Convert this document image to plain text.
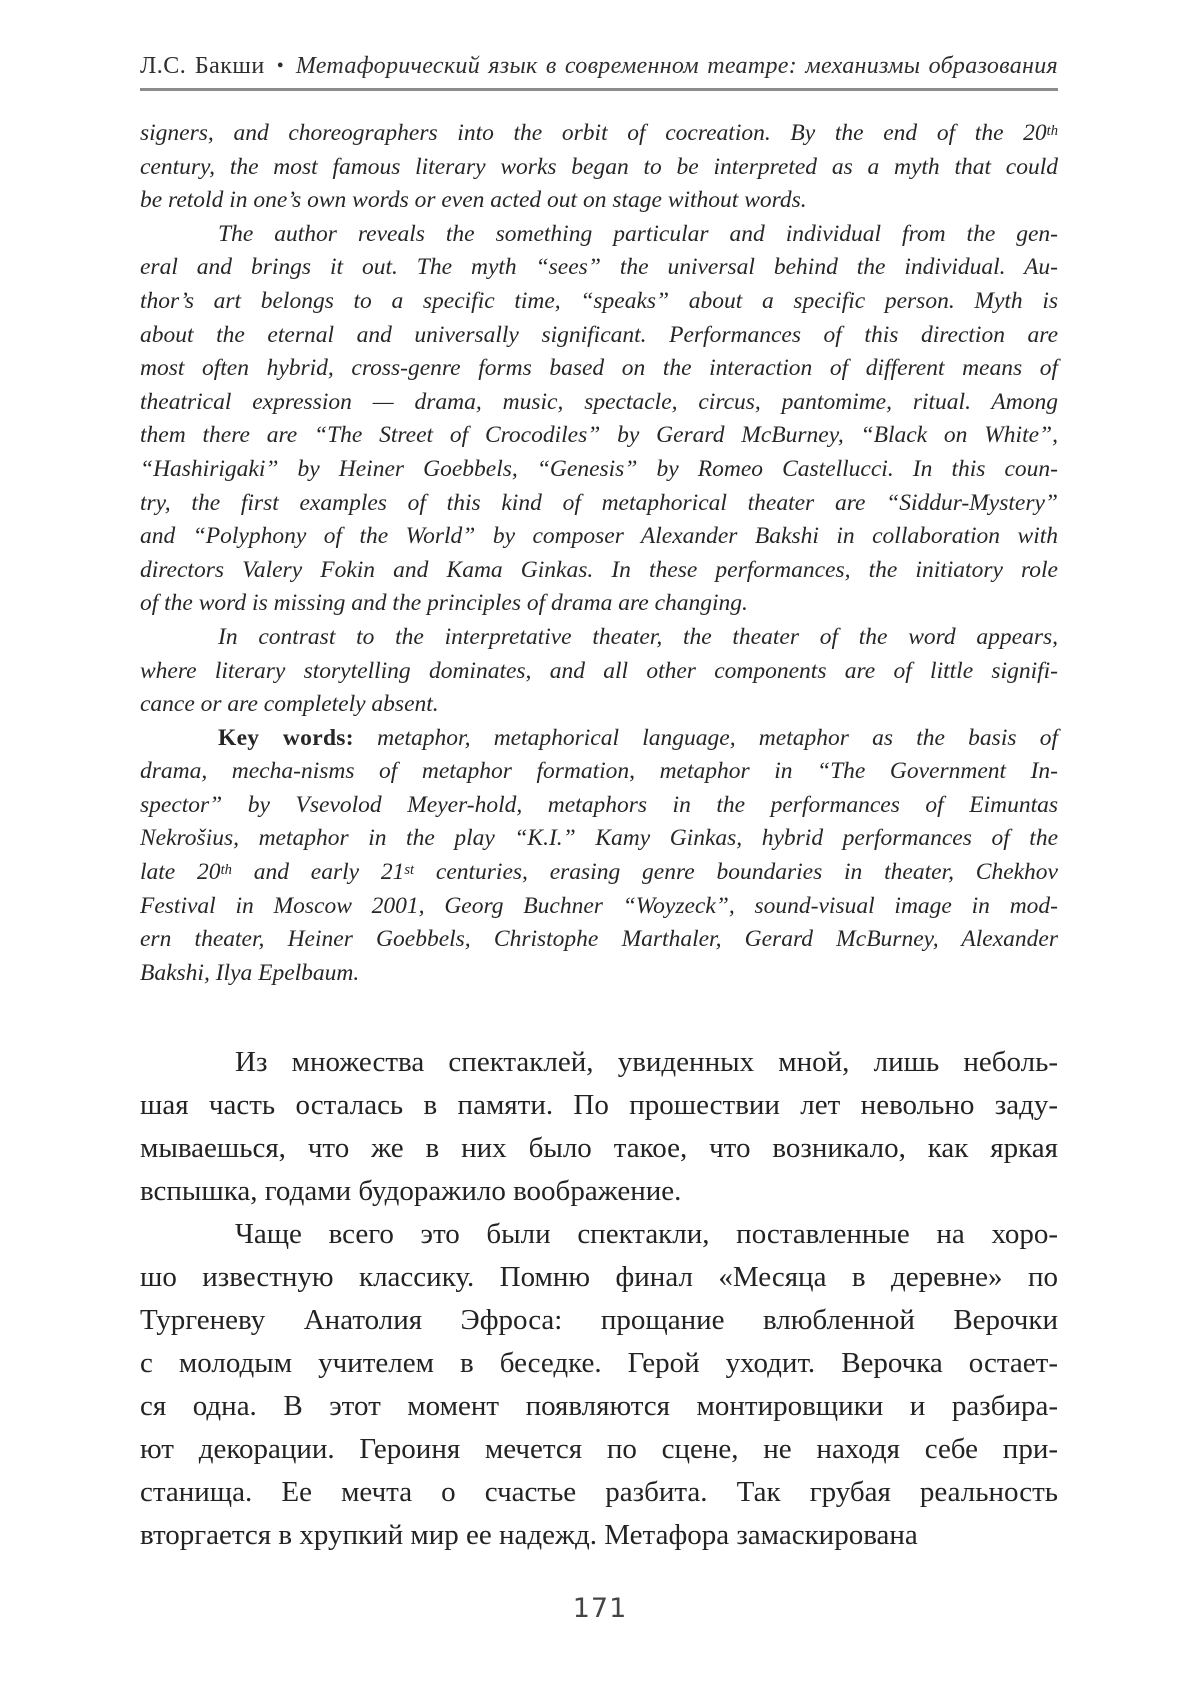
Л.С. Бакши • Метафорический язык в современном театре: механизмы образования
signers, and choreographers into the orbit of cocreation. By the end of the 20th
century, the most famous literary works began to be interpreted as a myth that could
be retold in one’s own words or even acted out on stage without words.
The author reveals the something particular and individual from the gen-
eral and brings it out. The myth “sees” the universal behind the individual. Au-
thor’s art belongs to a specific time, “speaks” about a specific person. Myth is
about the eternal and universally significant. Performances of this direction are
most often hybrid, cross-genre forms based on the interaction of different means of
theatrical expression — drama, music, spectacle, circus, pantomime, ritual. Among
them there are “The Street of Crocodiles” by Gerard McBurney, “Black on White”,
“Hashirigaki” by Heiner Goebbels, “Genesis” by Romeo Castellucci. In this coun-
try, the first examples of this kind of metaphorical theater are “Siddur-Mystery”
and “Polyphony of the World” by composer Alexander Bakshi in collaboration with
directors Valery Fokin and Kama Ginkas. In these performances, the initiatory role
of the word is missing and the principles of drama are changing.
In contrast to the interpretative theater, the theater of the word appears,
where literary storytelling dominates, and all other components are of little signifi-
cance or are completely absent.
Key words: metaphor, metaphorical language, metaphor as the basis of
drama, mecha-nisms of metaphor formation, metaphor in “The Government In-
spector” by Vsevolod Meyer-hold, metaphors in the performances of Eimuntas
Nekrošius, metaphor in the play “K.I.” Kamy Ginkas, hybrid performances of the
late 20th and early 21st centuries, erasing genre boundaries in theater, Chekhov
Festival in Moscow 2001, Georg Buchner “Woyzeck”, sound-visual image in mod-
ern theater, Heiner Goebbels, Christophe Marthaler, Gerard McBurney, Alexander
Bakshi, Ilya Epelbaum.
Из множества спектаклей, увиденных мной, лишь неболь-
шая часть осталась в памяти. По прошествии лет невольно заду-
мываешься, что же в них было такое, что возникало, как яркая
вспышка, годами будоражило воображение.
Чаще всего это были спектакли, поставленные на хоро-
шо известную классику. Помню финал «Месяца в деревне» по
Тургеневу Анатолия Эфроса: прощание влюбленной Верочки
с молодым учителем в беседке. Герой уходит. Верочка остает-
ся одна. В этот момент появляются монтировщики и разбира-
ют декорации. Героиня мечется по сцене, не находя себе при-
станища. Ее мечта о счастье разбита. Так грубая реальность
вторгается в хрупкий мир ее надежд. Метафора замаскирована
171
